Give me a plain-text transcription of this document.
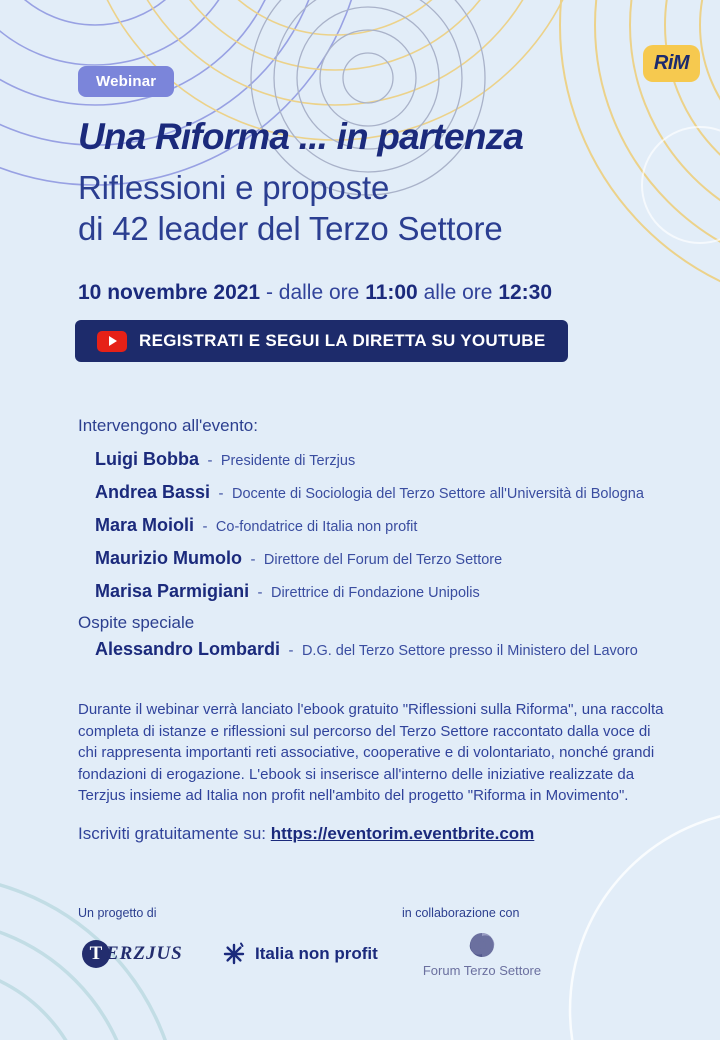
Webinar
RiM
Una Riforma ... in partenza
Riflessioni e proposte
di 42 leader del Terzo Settore
10 novembre 2021 - dalle ore 11:00 alle ore 12:30
REGISTRATI E SEGUI LA DIRETTA SU YOUTUBE

Intervengono all'evento:

Luigi Bobba - Presidente di Terzjus
Andrea Bassi - Docente di Sociologia del Terzo Settore all'Università di Bologna
Mara Moioli - Co-fondatrice di Italia non profit
Maurizio Mumolo - Direttore del Forum del Terzo Settore
Marisa Parmigiani - Direttrice di Fondazione Unipolis

Ospite speciale

Alessandro Lombardi - D.G. del Terzo Settore presso il Ministero del Lavoro
Durante il webinar verrà lanciato l'ebook gratuito "Riflessioni sulla Riforma", una raccolta completa di istanze e riflessioni sul percorso del Terzo Settore raccontato dalla voce di chi rappresenta importanti reti associative, cooperative e di volontariato, nonché grandi fondazioni di erogazione. L'ebook si inserisce all'interno delle iniziative realizzate da Terzjus insieme ad Italia non profit nell'ambito del progetto "Riforma in Movimento".
Iscriviti gratuitamente su: https://eventorim.eventbrite.com
Un progetto di
T ERZJUS	Italia non profit
in collaborazione con
Forum Terzo Settore
